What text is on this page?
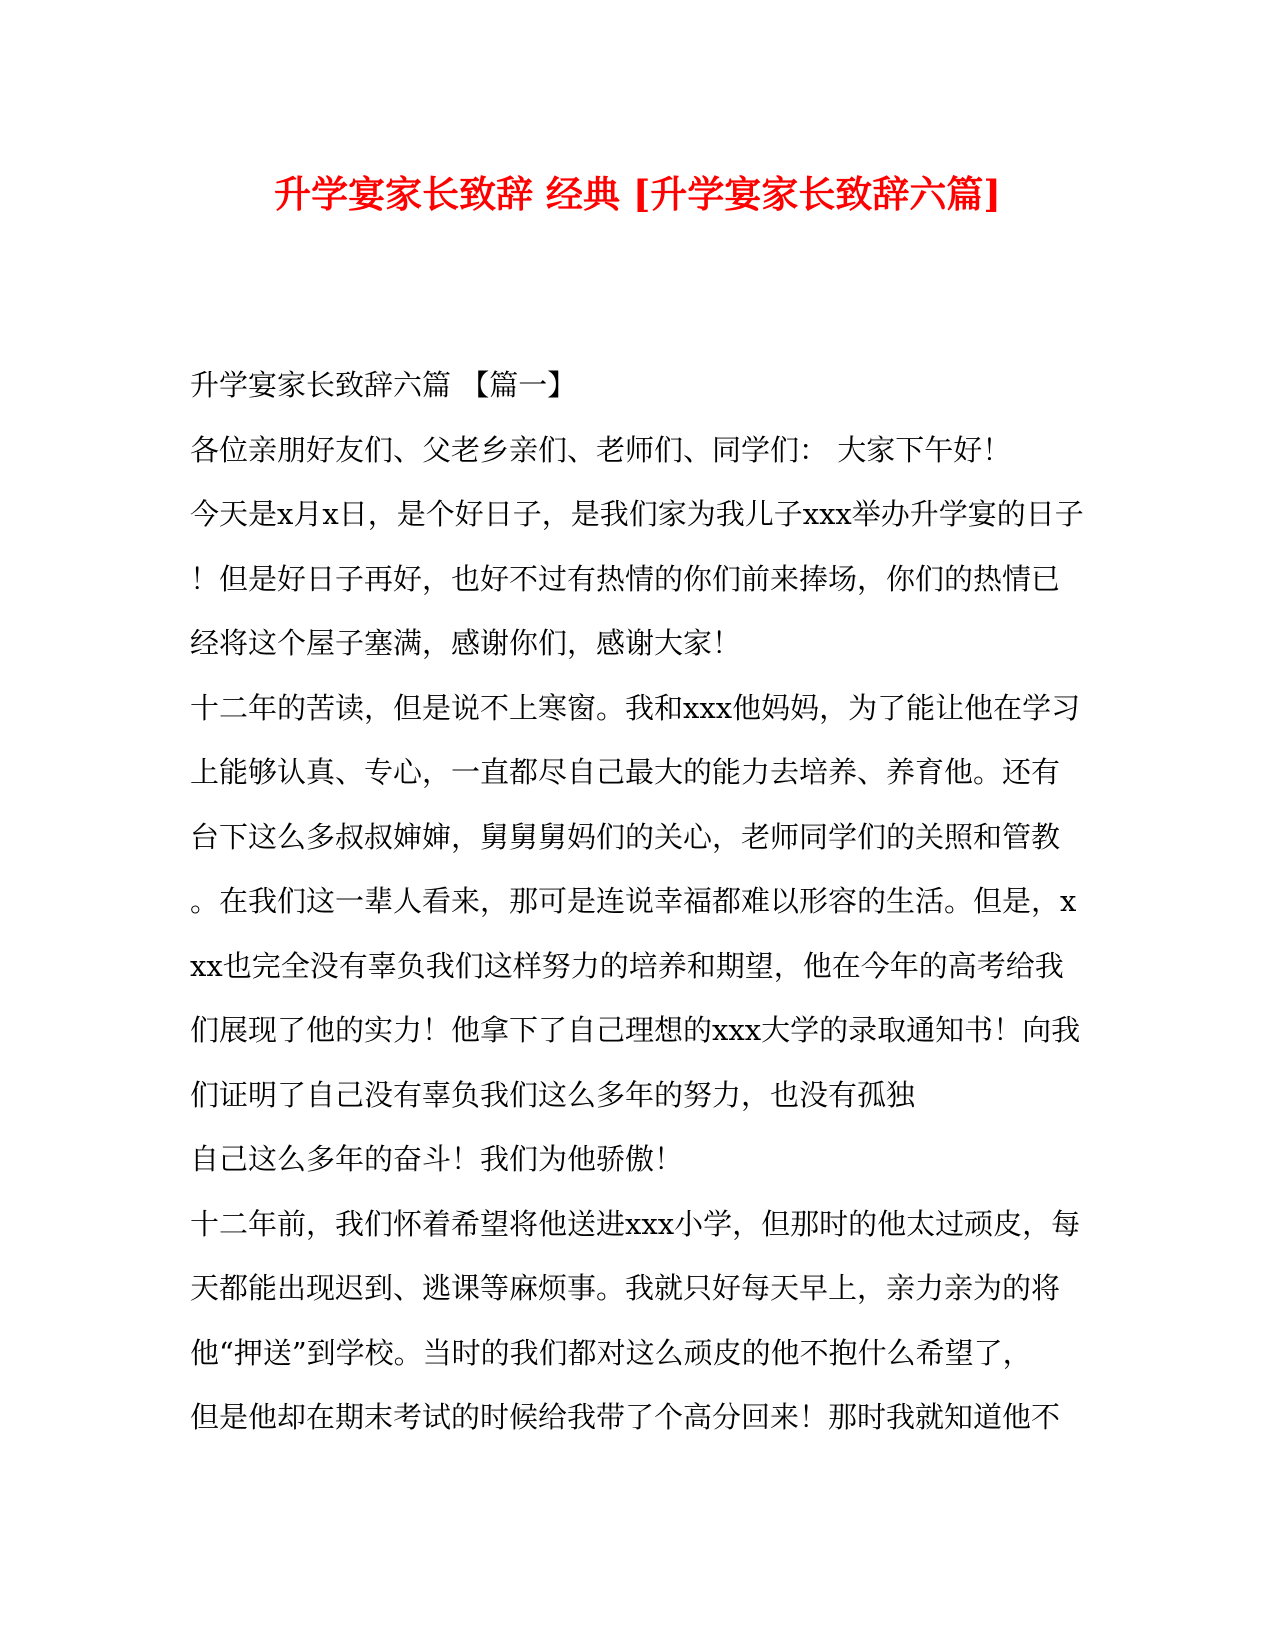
升学宴家长致辞 经典 [升学宴家长致辞六篇]
升学宴家长致辞六篇 【篇一】
各位亲朋好友们、父老乡亲们、老师们、同学们： 大家下午好！
今天是x月x日，是个好日子，是我们家为我儿子xxx举办升学宴的日子
！但是好日子再好，也好不过有热情的你们前来捧场，你们的热情已
经将这个屋子塞满，感谢你们，感谢大家！
十二年的苦读，但是说不上寒窗。我和xxx他妈妈，为了能让他在学习
上能够认真、专心，一直都尽自己最大的能力去培养、养育他。还有
台下这么多叔叔婶婶，舅舅舅妈们的关心，老师同学们的关照和管教
。在我们这一辈人看来，那可是连说幸福都难以形容的生活。但是，x
xx也完全没有辜负我们这样努力的培养和期望，他在今年的高考给我
们展现了他的实力！他拿下了自己理想的xxx大学的录取通知书！向我
们证明了自己没有辜负我们这么多年的努力，也没有孤独
自己这么多年的奋斗！我们为他骄傲！
十二年前，我们怀着希望将他送进xxx小学，但那时的他太过顽皮，每
天都能出现迟到、逃课等麻烦事。我就只好每天早上，亲力亲为的将
他“押送”到学校。当时的我们都对这么顽皮的他不抱什么希望了，
但是他却在期末考试的时候给我带了个高分回来！那时我就知道他不
